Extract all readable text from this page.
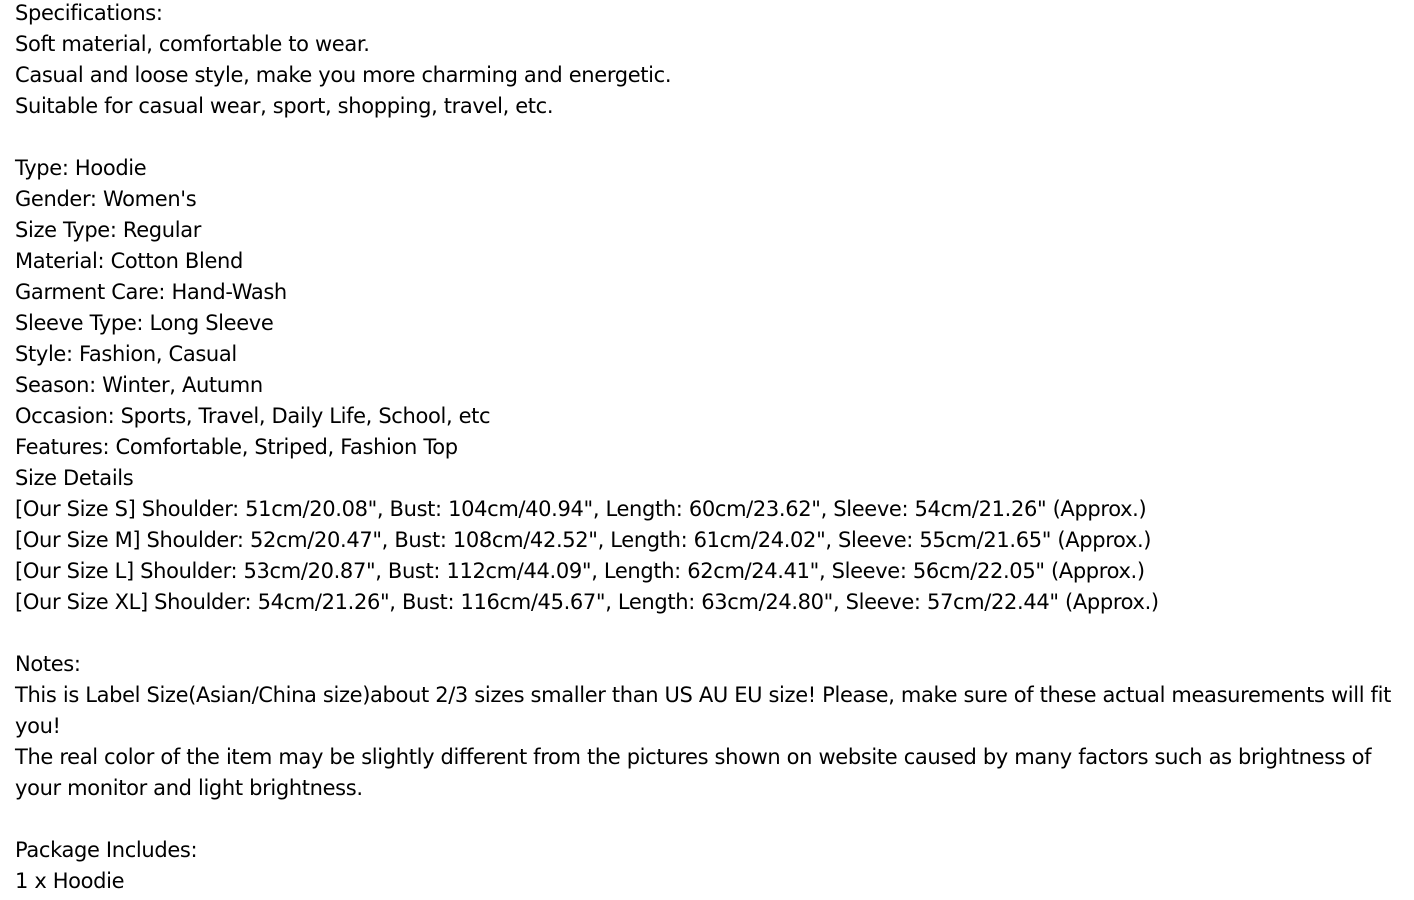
Specifications:
Soft material, comfortable to wear.
Casual and loose style, make you more charming and energetic.
Suitable for casual wear, sport, shopping, travel, etc.
Type: Hoodie
Gender: Women's
Size Type: Regular
Material: Cotton Blend
Garment Care: Hand-Wash
Sleeve Type: Long Sleeve
Style: Fashion, Casual
Season: Winter, Autumn
Occasion: Sports, Travel, Daily Life, School, etc
Features: Comfortable, Striped, Fashion Top
Size Details
[Our Size S] Shoulder: 51cm/20.08", Bust: 104cm/40.94", Length: 60cm/23.62", Sleeve: 54cm/21.26" (Approx.)
[Our Size M] Shoulder: 52cm/20.47", Bust: 108cm/42.52", Length: 61cm/24.02", Sleeve: 55cm/21.65" (Approx.)
[Our Size L] Shoulder: 53cm/20.87", Bust: 112cm/44.09", Length: 62cm/24.41", Sleeve: 56cm/22.05" (Approx.)
[Our Size XL] Shoulder: 54cm/21.26", Bust: 116cm/45.67", Length: 63cm/24.80", Sleeve: 57cm/22.44" (Approx.)
Notes:
This is Label Size(Asian/China size)about 2/3 sizes smaller than US AU EU size! Please, make sure of these actual measurements will fit you!
The real color of the item may be slightly different from the pictures shown on website caused by many factors such as brightness of your monitor and light brightness.
Package Includes:
1 x Hoodie
